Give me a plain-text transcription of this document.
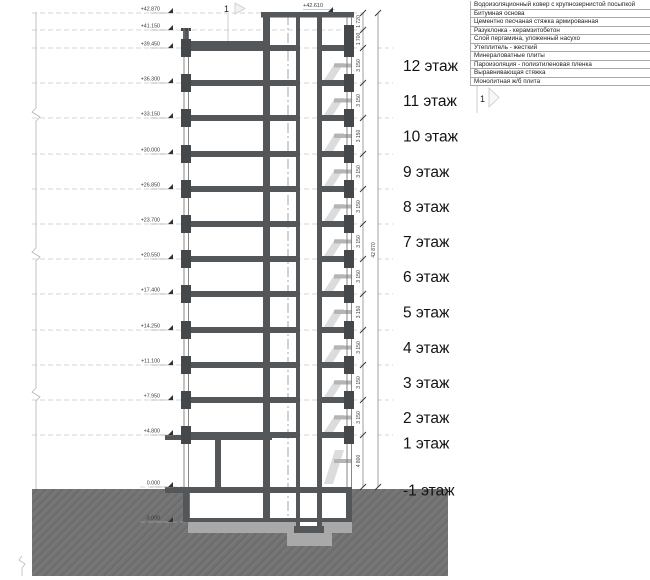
1 720
1 700
3 150
3 150
3 150
3 150
3 150
3 150
3 150
3 150
3 150
3 150
3 150
4 800
42 870
+42.870
+41.150
+39.450
+36.300
+33.150
+30.000
+26.850
+23.700
+20.550
+17.400
+14.250
+11.100
+7.950
+4.800
0.000
-3.000
+42.610
12 этаж
11 этаж
10 этаж
9 этаж
8 этаж
7 этаж
6 этаж
5 этаж
4 этаж
3 этаж
2 этаж
1 этаж
-1 этаж
1
1
Водоизоляционный ковер с крупнозернистой посыпкой
Битумная основа
Цементно песчаная стяжка армированная
Разуклонка - керамзитобетон
Слой пергамина, уложенный насухо
Утеплитель - жесткий
Минераловатные плиты
Пароизоляция - полиэтиленовая пленка
Выравнивающая стяжка
Монолитная ж/б плита
